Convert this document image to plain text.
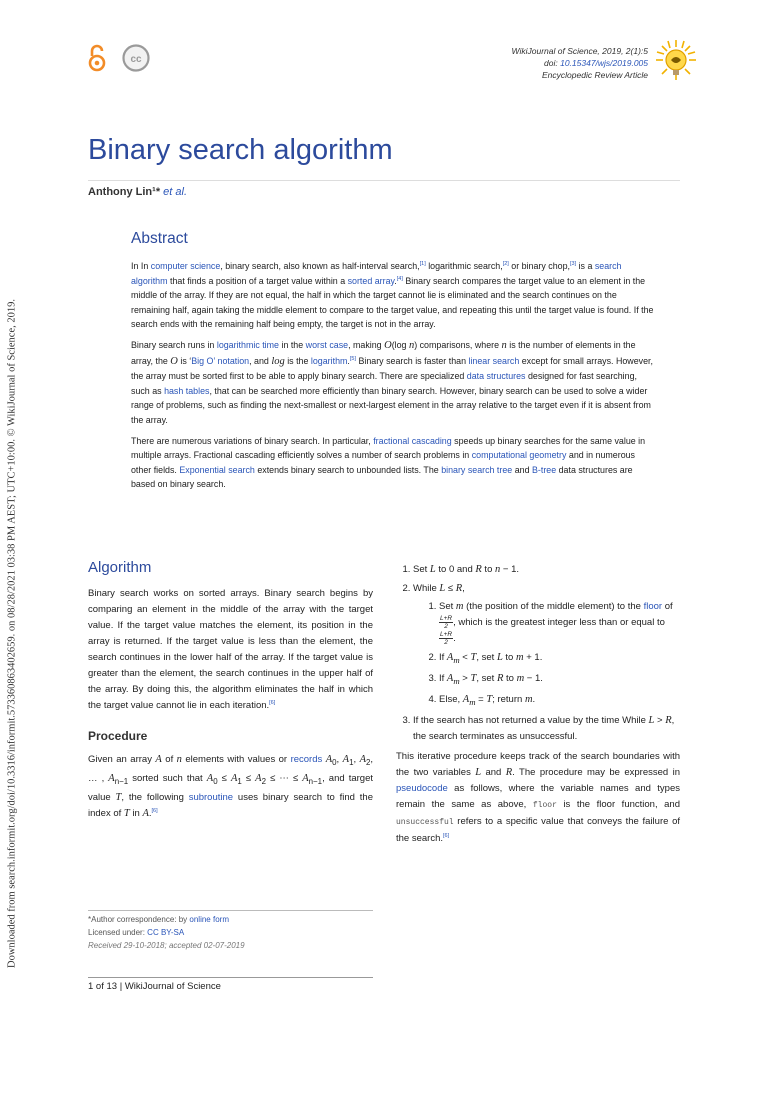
Downloaded from search.informit.org/doi/10.3316/informit.573360863402659. on 08/28/2021 03:38 PM AEST; UTC+10:00. © WikiJournal of Science, 2019.
cc
WikiJournal of Science, 2019, 2(1):5
doi: 10.15347/wjs/2019.005
Encyclopedic Review Article
Binary search algorithm
Anthony Lin¹* et al.
Abstract

In In computer science, binary search, also known as half-interval search,[1] logarithmic search,[2] or binary chop,[3] is a search algorithm that finds a position of a target value within a sorted array.[4] Binary search compares the target value to an element in the middle of the array. If they are not equal, the half in which the target cannot lie is eliminated and the search continues on the remaining half, again taking the middle element to compare to the target value, and repeating this until the target value is found. If the search ends with the remaining half being empty, the target is not in the array.

Binary search runs in logarithmic time in the worst case, making O(log n) comparisons, where n is the number of elements in the array, the O is ‘Big O’ notation, and log is the logarithm.[5] Binary search is faster than linear search except for small arrays. However, the array must be sorted first to be able to apply binary search. There are specialized data structures designed for fast searching, such as hash tables, that can be searched more efficiently than binary search. However, binary search can be used to solve a wider range of problems, such as finding the next-smallest or next-largest element in the array relative to the target even if it is absent from the array.

There are numerous variations of binary search. In particular, fractional cascading speeds up binary searches for the same value in multiple arrays. Fractional cascading efficiently solves a number of search problems in computational geometry and in numerous other fields. Exponential search extends binary search to unbounded lists. The binary search tree and B-tree data structures are based on binary search.

Algorithm

Binary search works on sorted arrays. Binary search begins by comparing an element in the middle of the array with the target value. If the target value matches the element, its position in the array is returned. If the target value is less than the element, the search continues in the lower half of the array. If the target value is greater than the element, the search continues in the upper half of the array. By doing this, the algorithm eliminates the half in which the target value cannot lie in each iteration.[6]

Procedure

Given an array A of n elements with values or records $A_0$, $A_1$, $A_2$, … , $A_{n-1}$ sorted such that $A_0 \le A_1 \le A_2$ ≤ ⋯ ≤ $A_{n-1}$, and target value T, the following subroutine uses binary search to find the index of T in A.[6]

1. Set L to 0 and R to n − 1.
2. While L ≤ R,
1. Set m (the position of the middle element) to the floor of
$\frac{L+R}{2}$ , which is the greatest integer less than or equal to
$\frac{L+R}{2}$ .
2. If $A_m < T$, set L to m + 1.
3. If $A_m > T$, set R to m − 1.
4. Else, $A_m = T$; return m.
3. If the search has not returned a value by the time While L > R, the search terminates as unsuccessful.

This iterative procedure keeps track of the search boundaries with the two variables L and R. The procedure may be expressed in pseudocode as follows, where the variable names and types remain the same as above, floor is the floor function, and unsuccessful refers to a specific value that conveys the failure of the search.[6]

*Author correspondence: by online form
Licensed under: CC BY-SA
Received 29-10-2018; accepted 02-07-2019
1 of 13 | WikiJournal of Science
